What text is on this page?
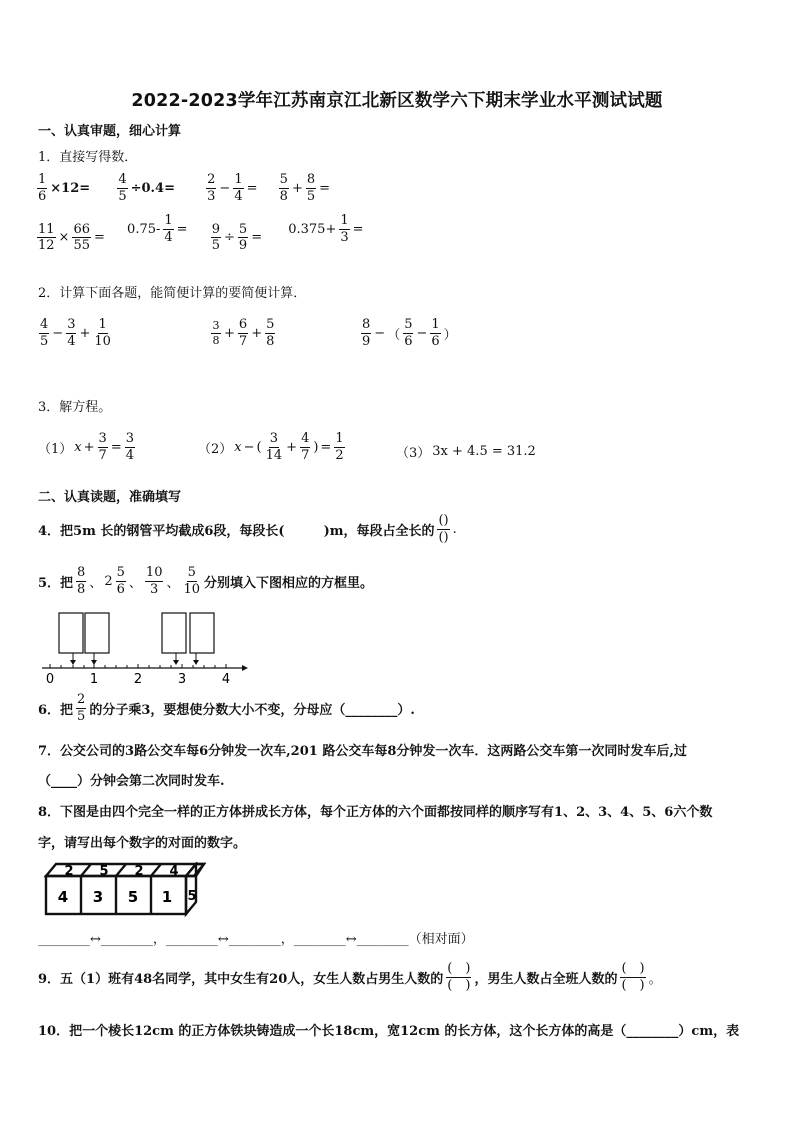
2022-2023学年江苏南京江北新区数学六下期末学业水平测试试题
一、认真审题，细心计算
1．直接写得数．
$\frac{1}{6} \times 12=$
$\frac{4}{5} \div 0.4=$
$\frac{2}{3} - \frac{1}{4}$ =
$\frac{5}{8} + \frac{8}{5}$ =
$\frac{11}{12} \times \frac{66}{55}$ =

$0.75- \frac{1}{4}$ =
$\frac{9}{5} \div \frac{5}{9}$ =

$0.375+ \frac{1}{3}$ =
2．计算下面各题，能简便计算的要简便计算．
$\frac{4}{5} - \frac{3}{4} + \frac{1}{10}$	$\frac{3}{8} + \frac{6}{7} + \frac{5}{8}$	$\frac{8}{9}$ − （ $\frac{5}{6} - \frac{1}{6}$ ）
3．解方程。
（1） $x + \frac{3}{7} = \frac{3}{4}$	（2） x − ( $\frac{3}{14} + \frac{4}{7}$ ) = $\frac{1}{2}$	（3） 3x + 4.5 = 31.2
二、认真读题，准确填写
4．把5m 长的钢管平均截成6段，每段长(　　　)m，每段占全长的 $\frac{()}{()}$ .
5．把 $\frac{8}{8}$ 、 $2 \frac{5}{6}$ 、 $\frac{10}{3}$ 、 $\frac{5}{10}$ 分别填入下图相应的方框里。
0	1	2	3	4
6．把 $\frac{2}{5}$ 的分子乘3，要想使分数大小不变，分母应（________）.
7．公交公司的3路公交车每6分钟发一次车,201 路公交车每8分钟发一次车．这两路公交车第一次同时发车后,过
（____）分钟会第二次同时发车.
8．下图是由四个完全一样的正方体拼成长方体，每个正方体的六个面都按同样的顺序写有1、2、3、4、5、6六个数
字，请写出每个数字的对面的数字。
4 3 5 1
2 5 2 4
5
________↔________，________↔________，________↔________（相对面）
9．五（1）班有48名同学，其中女生有20人，女生人数占男生人数的 $\frac{( )}{( )}$ ，男生人数占全班人数的 $\frac{( )}{( )}$ 。
10．把一个棱长12cm 的正方体铁块铸造成一个长18cm，宽12cm 的长方体，这个长方体的高是（________）cm，表
